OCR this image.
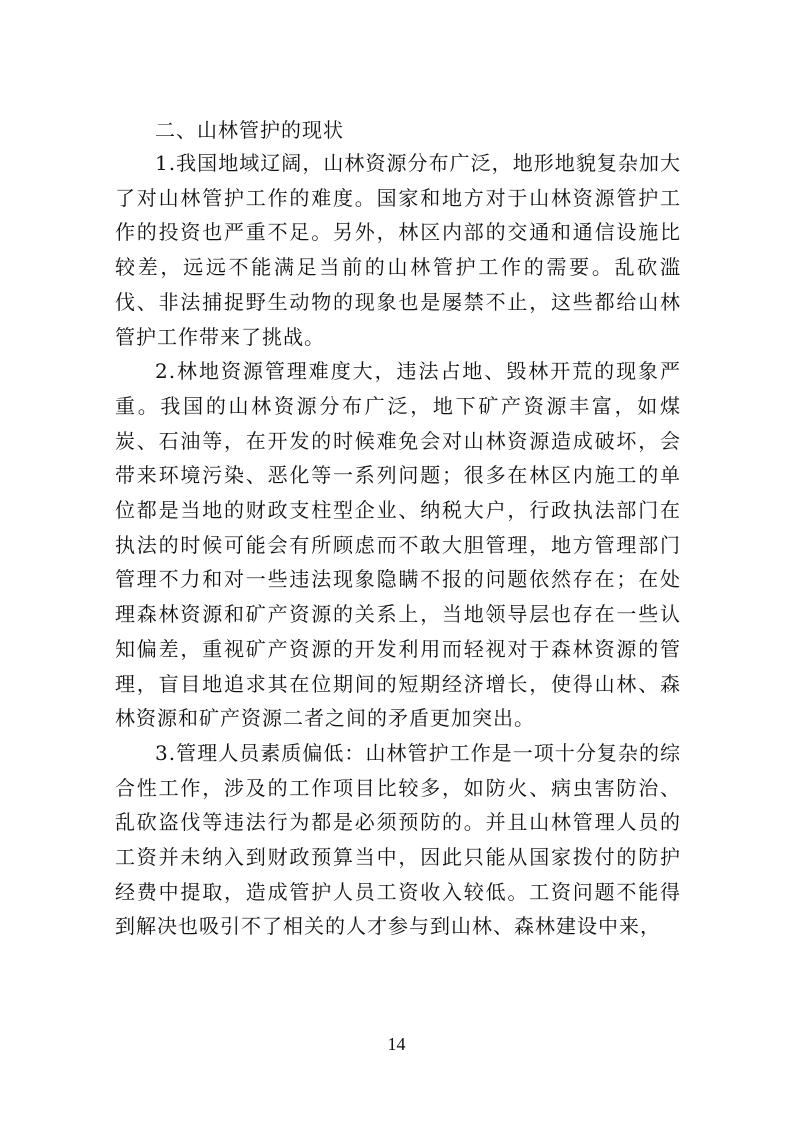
二、山林管护的现状

1.我国地域辽阔，山林资源分布广泛，地形地貌复杂加大了对山林管护工作的难度。国家和地方对于山林资源管护工作的投资也严重不足。另外，林区内部的交通和通信设施比较差，远远不能满足当前的山林管护工作的需要。乱砍滥伐、非法捕捉野生动物的现象也是屡禁不止，这些都给山林管护工作带来了挑战。

2.林地资源管理难度大，违法占地、毁林开荒的现象严重。我国的山林资源分布广泛，地下矿产资源丰富，如煤炭、石油等，在开发的时候难免会对山林资源造成破坏，会带来环境污染、恶化等一系列问题；很多在林区内施工的单位都是当地的财政支柱型企业、纳税大户，行政执法部门在执法的时候可能会有所顾虑而不敢大胆管理，地方管理部门管理不力和对一些违法现象隐瞒不报的问题依然存在；在处理森林资源和矿产资源的关系上，当地领导层也存在一些认知偏差，重视矿产资源的开发利用而轻视对于森林资源的管理，盲目地追求其在位期间的短期经济增长，使得山林、森林资源和矿产资源二者之间的矛盾更加突出。

3.管理人员素质偏低：山林管护工作是一项十分复杂的综合性工作，涉及的工作项目比较多，如防火、病虫害防治、乱砍盗伐等违法行为都是必须预防的。并且山林管理人员的工资并未纳入到财政预算当中，因此只能从国家拨付的防护经费中提取，造成管护人员工资收入较低。工资问题不能得到解决也吸引不了相关的人才参与到山林、森林建设中来，

14
